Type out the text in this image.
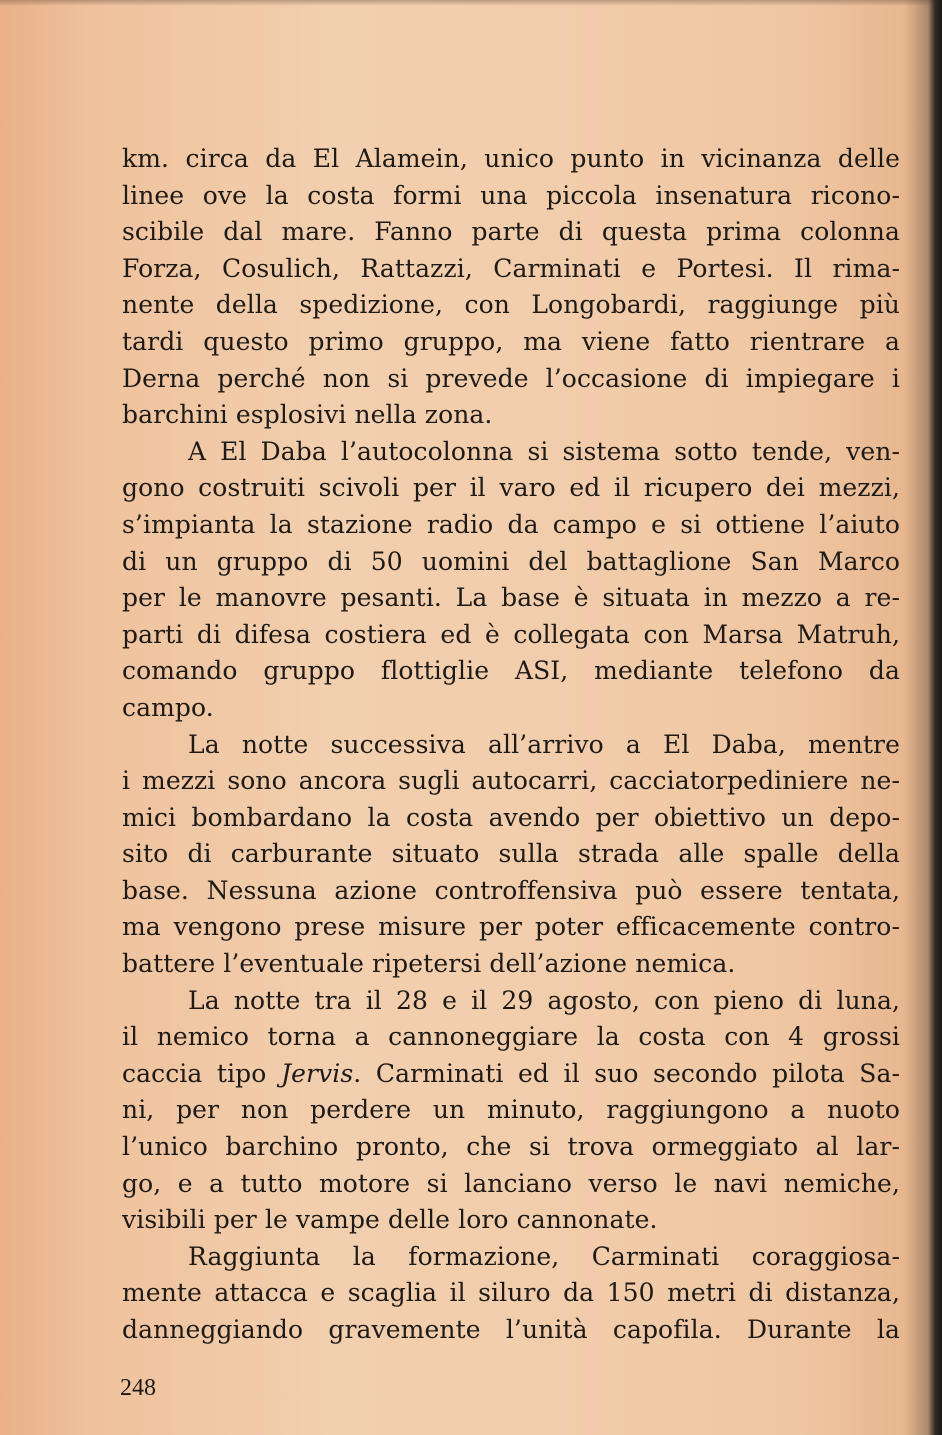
km. circa da El Alamein, unico punto in vicinanza delle
linee ove la costa formi una piccola insenatura ricono-
scibile dal mare. Fanno parte di questa prima colonna
Forza, Cosulich, Rattazzi, Carminati e Portesi. Il rima-
nente della spedizione, con Longobardi, raggiunge più
tardi questo primo gruppo, ma viene fatto rientrare a
Derna perché non si prevede l’occasione di impiegare i
barchini esplosivi nella zona.
A El Daba l’autocolonna si sistema sotto tende, ven-
gono costruiti scivoli per il varo ed il ricupero dei mezzi,
s’impianta la stazione radio da campo e si ottiene l’aiuto
di un gruppo di 50 uomini del battaglione San Marco
per le manovre pesanti. La base è situata in mezzo a re-
parti di difesa costiera ed è collegata con Marsa Matruh,
comando gruppo flottiglie ASI, mediante telefono da
campo.
La notte successiva all’arrivo a El Daba, mentre
i mezzi sono ancora sugli autocarri, cacciatorpediniere ne-
mici bombardano la costa avendo per obiettivo un depo-
sito di carburante situato sulla strada alle spalle della
base. Nessuna azione controffensiva può essere tentata,
ma vengono prese misure per poter efficacemente contro-
battere l’eventuale ripetersi dell’azione nemica.
La notte tra il 28 e il 29 agosto, con pieno di luna,
il nemico torna a cannoneggiare la costa con 4 grossi
caccia tipo Jervis. Carminati ed il suo secondo pilota Sa-
ni, per non perdere un minuto, raggiungono a nuoto
l’unico barchino pronto, che si trova ormeggiato al lar-
go, e a tutto motore si lanciano verso le navi nemiche,
visibili per le vampe delle loro cannonate.
Raggiunta la formazione, Carminati coraggiosa-
mente attacca e scaglia il siluro da 150 metri di distanza,
danneggiando gravemente l’unità capofila. Durante la
248
